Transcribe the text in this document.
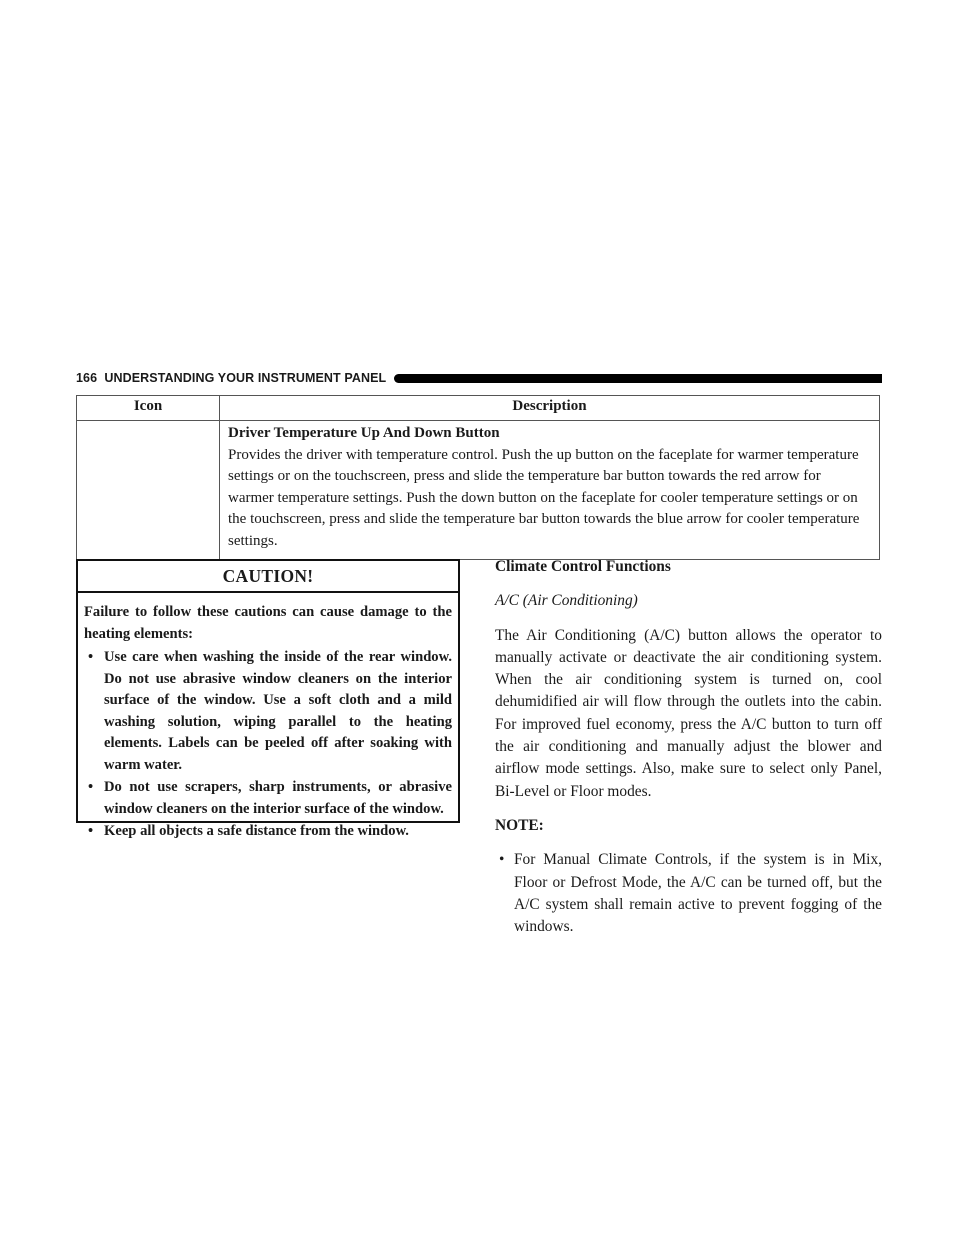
166 UNDERSTANDING YOUR INSTRUMENT PANEL
Icon	Description

	Driver Temperature Up And Down Button
Provides the driver with temperature control. Push the up button on the faceplate for warmer temperature settings or on the touchscreen, press and slide the temperature bar button towards the red arrow for warmer temperature settings. Push the down button on the faceplate for cooler temperature settings or on the touchscreen, press and slide the temperature bar button towards the blue arrow for cooler temperature settings.
CAUTION!

Failure to follow these cautions can cause damage to the heating elements:

• Use care when washing the inside of the rear window. Do not use abrasive window cleaners on the interior surface of the window. Use a soft cloth and a mild washing solution, wiping parallel to the heating elements. Labels can be peeled off after soaking with warm water.
• Do not use scrapers, sharp instruments, or abrasive window cleaners on the interior surface of the window.
• Keep all objects a safe distance from the window.
Climate Control Functions
A/C (Air Conditioning)
The Air Conditioning (A/C) button allows the operator to manually activate or deactivate the air conditioning system. When the air conditioning system is turned on, cool dehumidified air will flow through the outlets into the cabin. For improved fuel economy, press the A/C button to turn off the air conditioning and manually adjust the blower and airflow mode settings. Also, make sure to select only Panel, Bi-Level or Floor modes.
NOTE:
• For Manual Climate Controls, if the system is in Mix, Floor or Defrost Mode, the A/C can be turned off, but the A/C system shall remain active to prevent fogging of the windows.
